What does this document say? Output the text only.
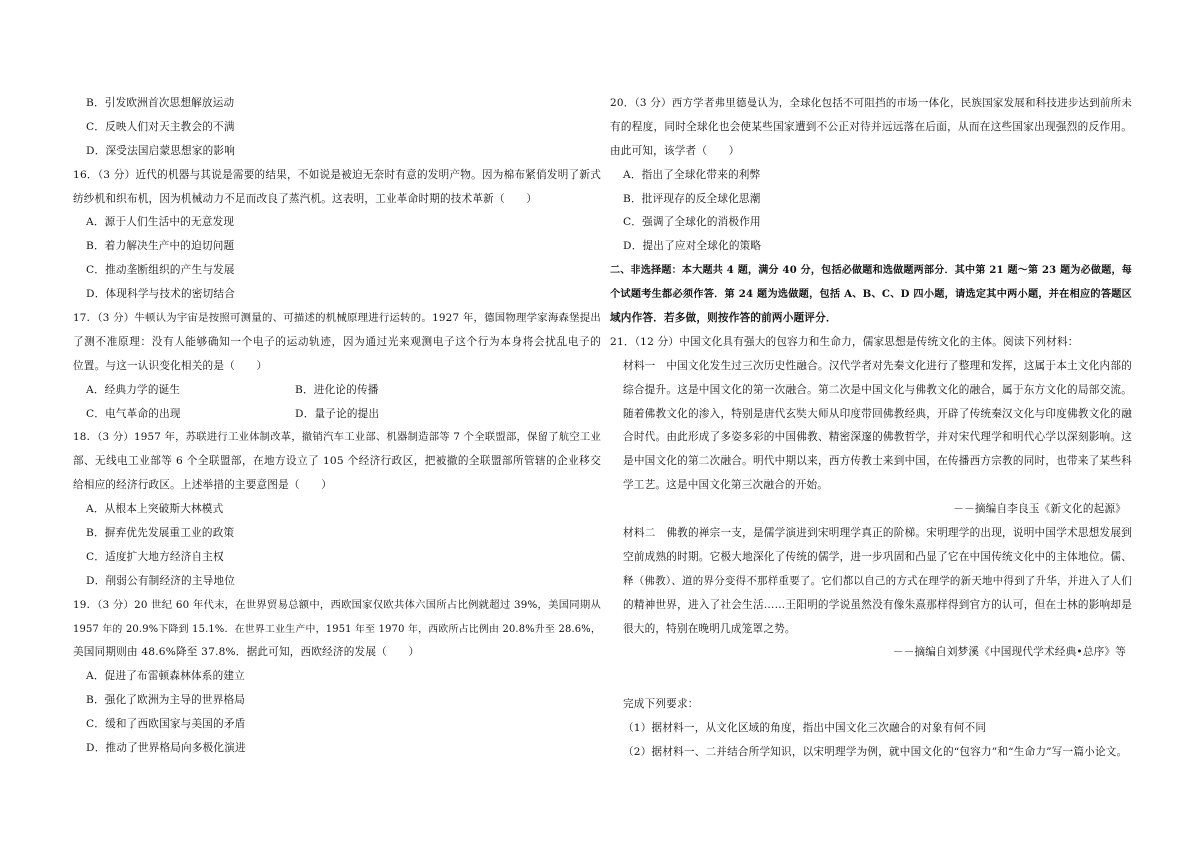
B．引发欧洲首次思想解放运动
C．反映人们对天主教会的不满
D．深受法国启蒙思想家的影响
16．（3 分）近代的机器与其说是需要的结果，不如说是被迫无奈时有意的发明产物。因为棉布紧俏发明了新式
纺纱机和织布机，因为机械动力不足而改良了蒸汽机。这表明，工业革命时期的技术革新（　　）
A．源于人们生活中的无意发现
B．着力解决生产中的迫切问题
C．推动垄断组织的产生与发展
D．体现科学与技术的密切结合
17．（3 分）牛顿认为宇宙是按照可测量的、可描述的机械原理进行运转的。1927 年，德国物理学家海森堡提出
了测不准原理：没有人能够确知一个电子的运动轨迹，因为通过光来观测电子这个行为本身将会扰乱电子的
位置。与这一认识变化相关的是（　　）
A．经典力学的诞生	B．进化论的传播
C．电气革命的出现	D．量子论的提出
18．（3 分）1957 年，苏联进行工业体制改革，撤销汽车工业部、机器制造部等 7 个全联盟部，保留了航空工业
部、无线电工业部等 6 个全联盟部，在地方设立了 105 个经济行政区，把被撤的全联盟部所管辖的企业移交
给相应的经济行政区。上述举措的主要意图是（　　）
A．从根本上突破斯大林模式
B．摒弃优先发展重工业的政策
C．适度扩大地方经济自主权
D．削弱公有制经济的主导地位
19．（3 分）20 世纪 60 年代末，在世界贸易总额中，西欧国家仅欧共体六国所占比例就超过 39%，美国同期从
1957 年的 20.9%下降到 15.1%．在世界工业生产中，1951 年至 1970 年，西欧所占比例由 20.8%升至 28.6%，
美国同期则由 48.6%降至 37.8%．据此可知，西欧经济的发展（　　）
A．促进了布雷顿森林体系的建立
B．强化了欧洲为主导的世界格局
C．缓和了西欧国家与美国的矛盾
D．推动了世界格局向多极化演进
20．（3 分）西方学者弗里德曼认为，全球化包括不可阻挡的市场一体化，民族国家发展和科技进步达到前所未
有的程度，同时全球化也会使某些国家遭到不公正对待并远远落在后面，从而在这些国家出现强烈的反作用。
由此可知，该学者（　　）
A．指出了全球化带来的利弊
B．批评现存的反全球化思潮
C．强调了全球化的消极作用
D．提出了应对全球化的策略
二、非选择题：本大题共 4 题，满分 40 分，包括必做题和选做题两部分．其中第 21 题～第 23 题为必做题，每
个试题考生都必须作答．第 24 题为选做题，包括 A、B、C、D 四小题，请选定其中两小题，并在相应的答题区
域内作答．若多做，则按作答的前两小题评分．
21．（12 分）中国文化具有强大的包容力和生命力，儒家思想是传统文化的主体。阅读下列材料：
材料一　中国文化发生过三次历史性融合。汉代学者对先秦文化进行了整理和发挥，这属于本土文化内部的
综合提升。这是中国文化的第一次融合。第二次是中国文化与佛教文化的融合，属于东方文化的局部交流。
随着佛教文化的渗入，特别是唐代玄奘大师从印度带回佛教经典，开辟了传统秦汉文化与印度佛教文化的融
合时代。由此形成了多姿多彩的中国佛教、精密深邃的佛教哲学，并对宋代理学和明代心学以深刻影响。这
是中国文化的第二次融合。明代中期以来，西方传教士来到中国，在传播西方宗教的同时，也带来了某些科
学工艺。这是中国文化第三次融合的开始。
－－摘编自李良玉《新文化的起源》
材料二　佛教的禅宗一支，是儒学演进到宋明理学真正的阶梯。宋明理学的出现，说明中国学术思想发展到
空前成熟的时期。它极大地深化了传统的儒学，进一步巩固和凸显了它在中国传统文化中的主体地位。儒、
释（佛教）、道的界分变得不那样重要了。它们都以自己的方式在理学的新天地中得到了升华，并进入了人们
的精神世界，进入了社会生活……王阳明的学说虽然没有像朱熹那样得到官方的认可，但在士林的影响却是
很大的，特别在晚明几成笼罩之势。
－－摘编自刘梦溪《中国现代学术经典•总序》等
完成下列要求：
（1）据材料一，从文化区域的角度，指出中国文化三次融合的对象有何不同
（2）据材料一、二并结合所学知识，以宋明理学为例，就中国文化的“包容力”和“生命力”写一篇小论文。
